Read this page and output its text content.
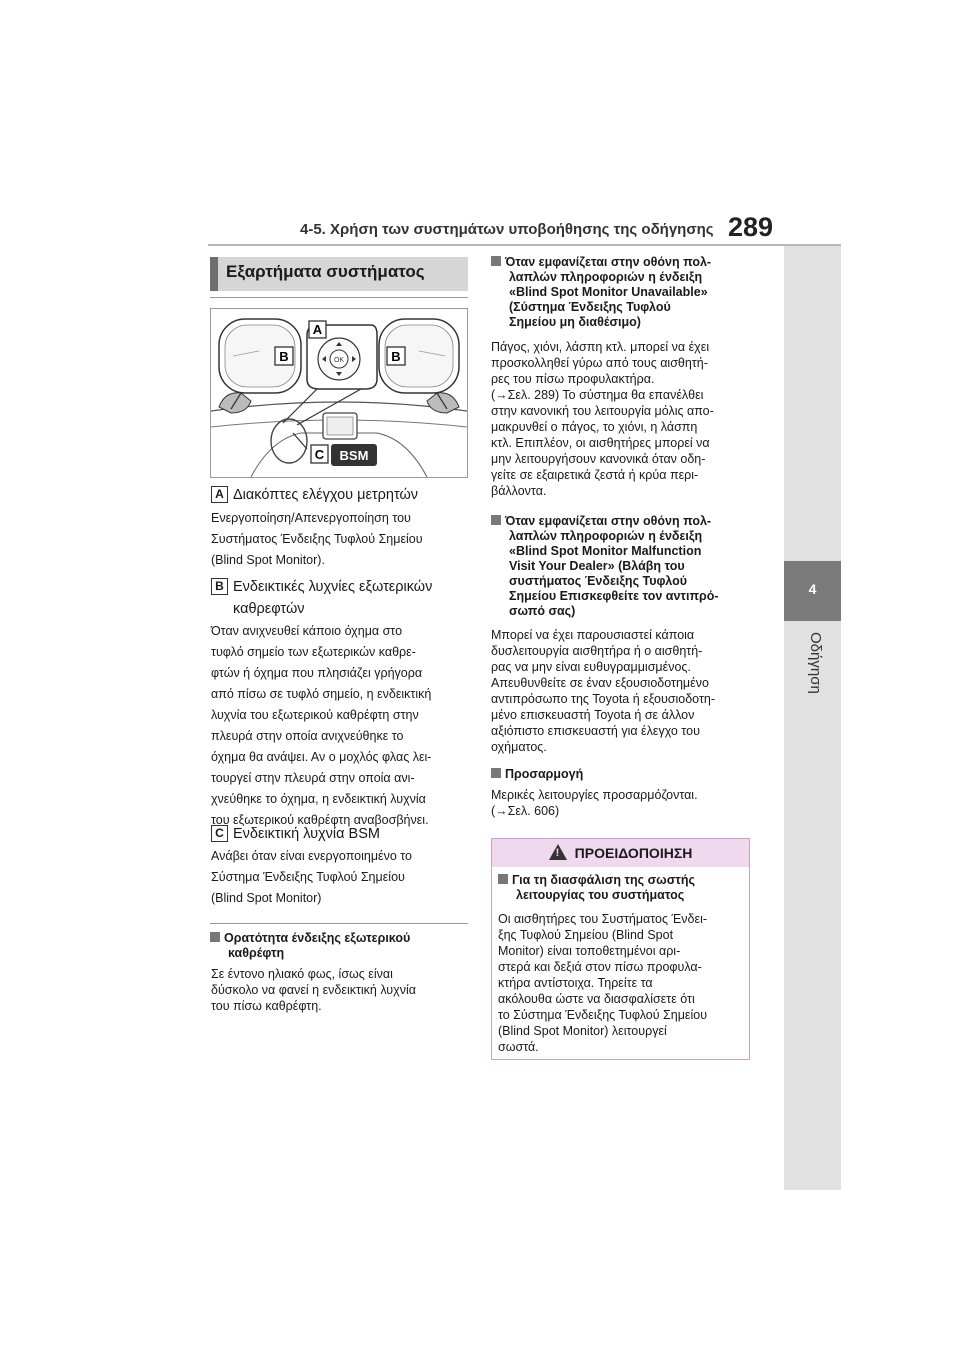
4-5. Χρήση των συστημάτων υποβοήθησης της οδήγησης 289
4
Οδήγηση
Εξαρτήματα συστήματος
OK
A
B	B
C BSM
A Διακόπτες ελέγχου μετρητών
Ενεργοποίηση/Απενεργοποίηση του
Συστήματος Ένδειξης Τυφλού Σημείου
(Blind Spot Monitor).
B Ενδεικτικές λυχνίες εξωτερικών
καθρεφτών
Όταν ανιχνευθεί κάποιο όχημα στο
τυφλό σημείο των εξωτερικών καθρε-
φτών ή όχημα που πλησιάζει γρήγορα
από πίσω σε τυφλό σημείο, η ενδεικτική
λυχνία του εξωτερικού καθρέφτη στην
πλευρά στην οποία ανιχνεύθηκε το
όχημα θα ανάψει. Αν ο μοχλός φλας λει-
τουργεί στην πλευρά στην οποία ανι-
χνεύθηκε το όχημα, η ενδεικτική λυχνία
του εξωτερικού καθρέφτη αναβοσβήνει.
C Ενδεικτική λυχνία BSM
Ανάβει όταν είναι ενεργοποιημένο το
Σύστημα Ένδειξης Τυφλού Σημείου
(Blind Spot Monitor)
Ορατότητα ένδειξης εξωτερικού
καθρέφτη
Σε έντονο ηλιακό φως, ίσως είναι
δύσκολο να φανεί η ενδεικτική λυχνία
του πίσω καθρέφτη.
Όταν εμφανίζεται στην οθόνη πολ-
λαπλών πληροφοριών η ένδειξη
«Blind Spot Monitor Unavailable»
(Σύστημα Ένδειξης Τυφλού
Σημείου μη διαθέσιμο)
Πάγος, χιόνι, λάσπη κτλ. μπορεί να έχει
προσκολληθεί γύρω από τους αισθητή-
ρες του πίσω προφυλακτήρα.
(→Σελ. 289) Το σύστημα θα επανέλθει
στην κανονική του λειτουργία μόλις απο-
μακρυνθεί ο πάγος, το χιόνι, η λάσπη
κτλ. Επιπλέον, οι αισθητήρες μπορεί να
μην λειτουργήσουν κανονικά όταν οδη-
γείτε σε εξαιρετικά ζεστά ή κρύα περι-
βάλλοντα.
Όταν εμφανίζεται στην οθόνη πολ-
λαπλών πληροφοριών η ένδειξη
«Blind Spot Monitor Malfunction
Visit Your Dealer» (Βλάβη του
συστήματος Ένδειξης Τυφλού
Σημείου Επισκεφθείτε τον αντιπρό-
σωπό σας)
Μπορεί να έχει παρουσιαστεί κάποια
δυσλειτουργία αισθητήρα ή ο αισθητή-
ρας να μην είναι ευθυγραμμισμένος.
Απευθυνθείτε σε έναν εξουσιοδοτημένο
αντιπρόσωπο της Toyota ή εξουσιοδοτη-
μένο επισκευαστή Toyota ή σε άλλον
αξιόπιστο επισκευαστή για έλεγχο του
οχήματος.
Προσαρμογή
Μερικές λειτουργίες προσαρμόζονται.
(→Σελ. 606)
! ΠΡΟΕΙΔΟΠΟΙΗΣΗ
Για τη διασφάλιση της σωστής
λειτουργίας του συστήματος
Οι αισθητήρες του Συστήματος Ένδει-
ξης Τυφλού Σημείου (Blind Spot
Monitor) είναι τοποθετημένοι αρι-
στερά και δεξιά στον πίσω προφυλα-
κτήρα αντίστοιχα. Τηρείτε τα
ακόλουθα ώστε να διασφαλίσετε ότι
το Σύστημα Ένδειξης Τυφλού Σημείου
(Blind Spot Monitor) λειτουργεί
σωστά.
